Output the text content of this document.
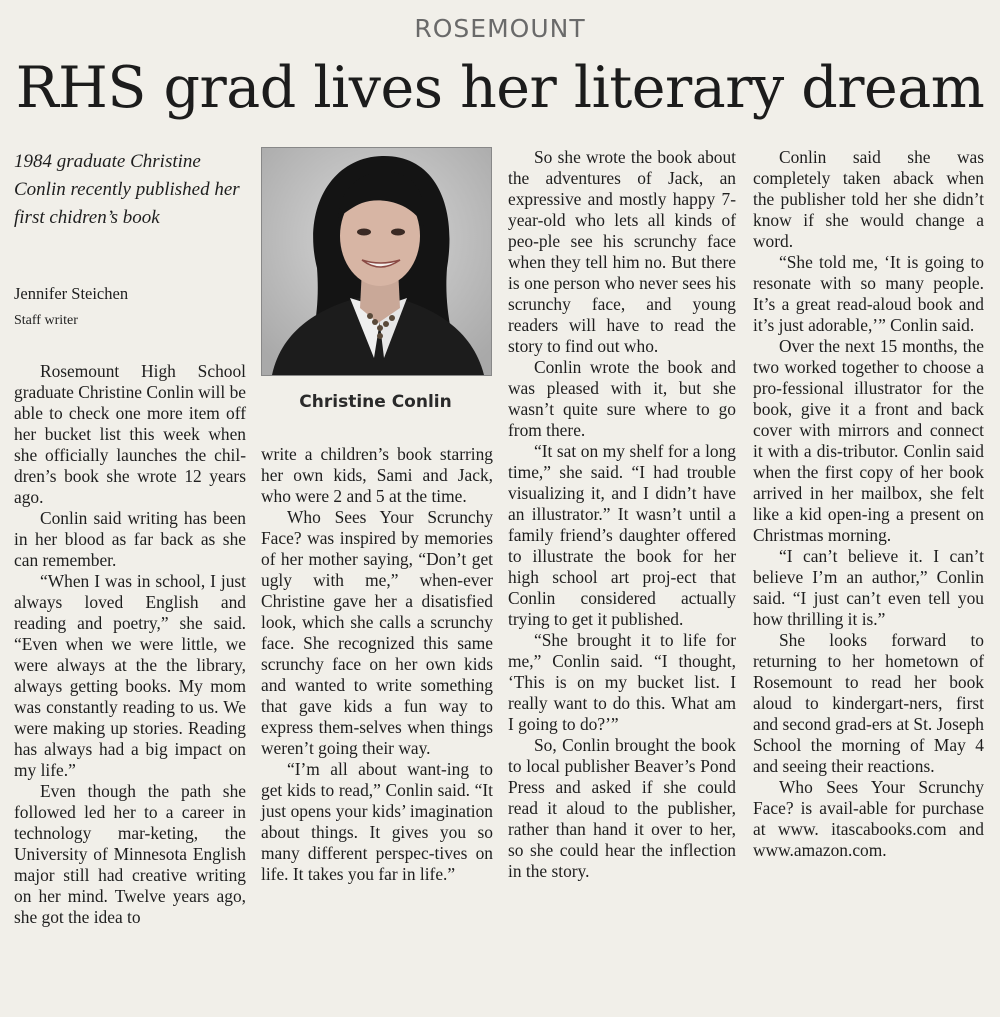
ROSEMOUNT
RHS grad lives her literary dream
1984 graduate Christine Conlin recently published her first chidren’s book
Jennifer Steichen
Staff writer
Christine Conlin

Rosemount High School graduate Christine Conlin will be able to check one more item off her bucket list this week when she officially launches the chil-dren’s book she wrote 12 years ago.

Conlin said writing has been in her blood as far back as she can remember.

“When I was in school, I just always loved English and reading and poetry,” she said. “Even when we were little, we were always at the the library, always getting books. My mom was constantly reading to us. We were making up stories. Reading has always had a big impact on my life.”

Even though the path she followed led her to a career in technology mar-keting, the University of Minnesota English major still had creative writing on her mind. Twelve years ago, she got the idea to

write a children’s book starring her own kids, Sami and Jack, who were 2 and 5 at the time.

Who Sees Your Scrunchy Face? was inspired by memories of her mother saying, “Don’t get ugly with me,” when-ever Christine gave her a disatisfied look, which she calls a scrunchy face. She recognized this same scrunchy face on her own kids and wanted to write something that gave kids a fun way to express them-selves when things weren’t going their way.

“I’m all about want-ing to get kids to read,” Conlin said. “It just opens your kids’ imagination about things. It gives you so many different perspec-tives on life. It takes you far in life.”

So she wrote the book about the adventures of Jack, an expressive and mostly happy 7-year-old who lets all kinds of peo-ple see his scrunchy face when they tell him no. But there is one person who never sees his scrunchy face, and young readers will have to read the story to find out who.

Conlin wrote the book and was pleased with it, but she wasn’t quite sure where to go from there.

“It sat on my shelf for a long time,” she said. “I had trouble visualizing it, and I didn’t have an illustrator.” It wasn’t until a family friend’s daughter offered to illustrate the book for her high school art proj-ect that Conlin considered actually trying to get it published.

“She brought it to life for me,” Conlin said. “I thought, ‘This is on my bucket list. I really want to do this. What am I going to do?’”

So, Conlin brought the book to local publisher Beaver’s Pond Press and asked if she could read it aloud to the publisher, rather than hand it over to her, so she could hear the inflection in the story.

Conlin said she was completely taken aback when the publisher told her she didn’t know if she would change a word.

“She told me, ‘It is going to resonate with so many people. It’s a great read-aloud book and it’s just adorable,’” Conlin said.

Over the next 15 months, the two worked together to choose a pro-fessional illustrator for the book, give it a front and back cover with mirrors and connect it with a dis-tributor. Conlin said when the first copy of her book arrived in her mailbox, she felt like a kid open-ing a present on Christmas morning.

“I can’t believe it. I can’t believe I’m an author,” Conlin said. “I just can’t even tell you how thrilling it is.”

She looks forward to returning to her hometown of Rosemount to read her book aloud to kindergart-ners, first and second grad-ers at St. Joseph School the morning of May 4 and seeing their reactions.

Who Sees Your Scrunchy Face? is avail-able for purchase at www. itascabooks.com and www.amazon.com.
